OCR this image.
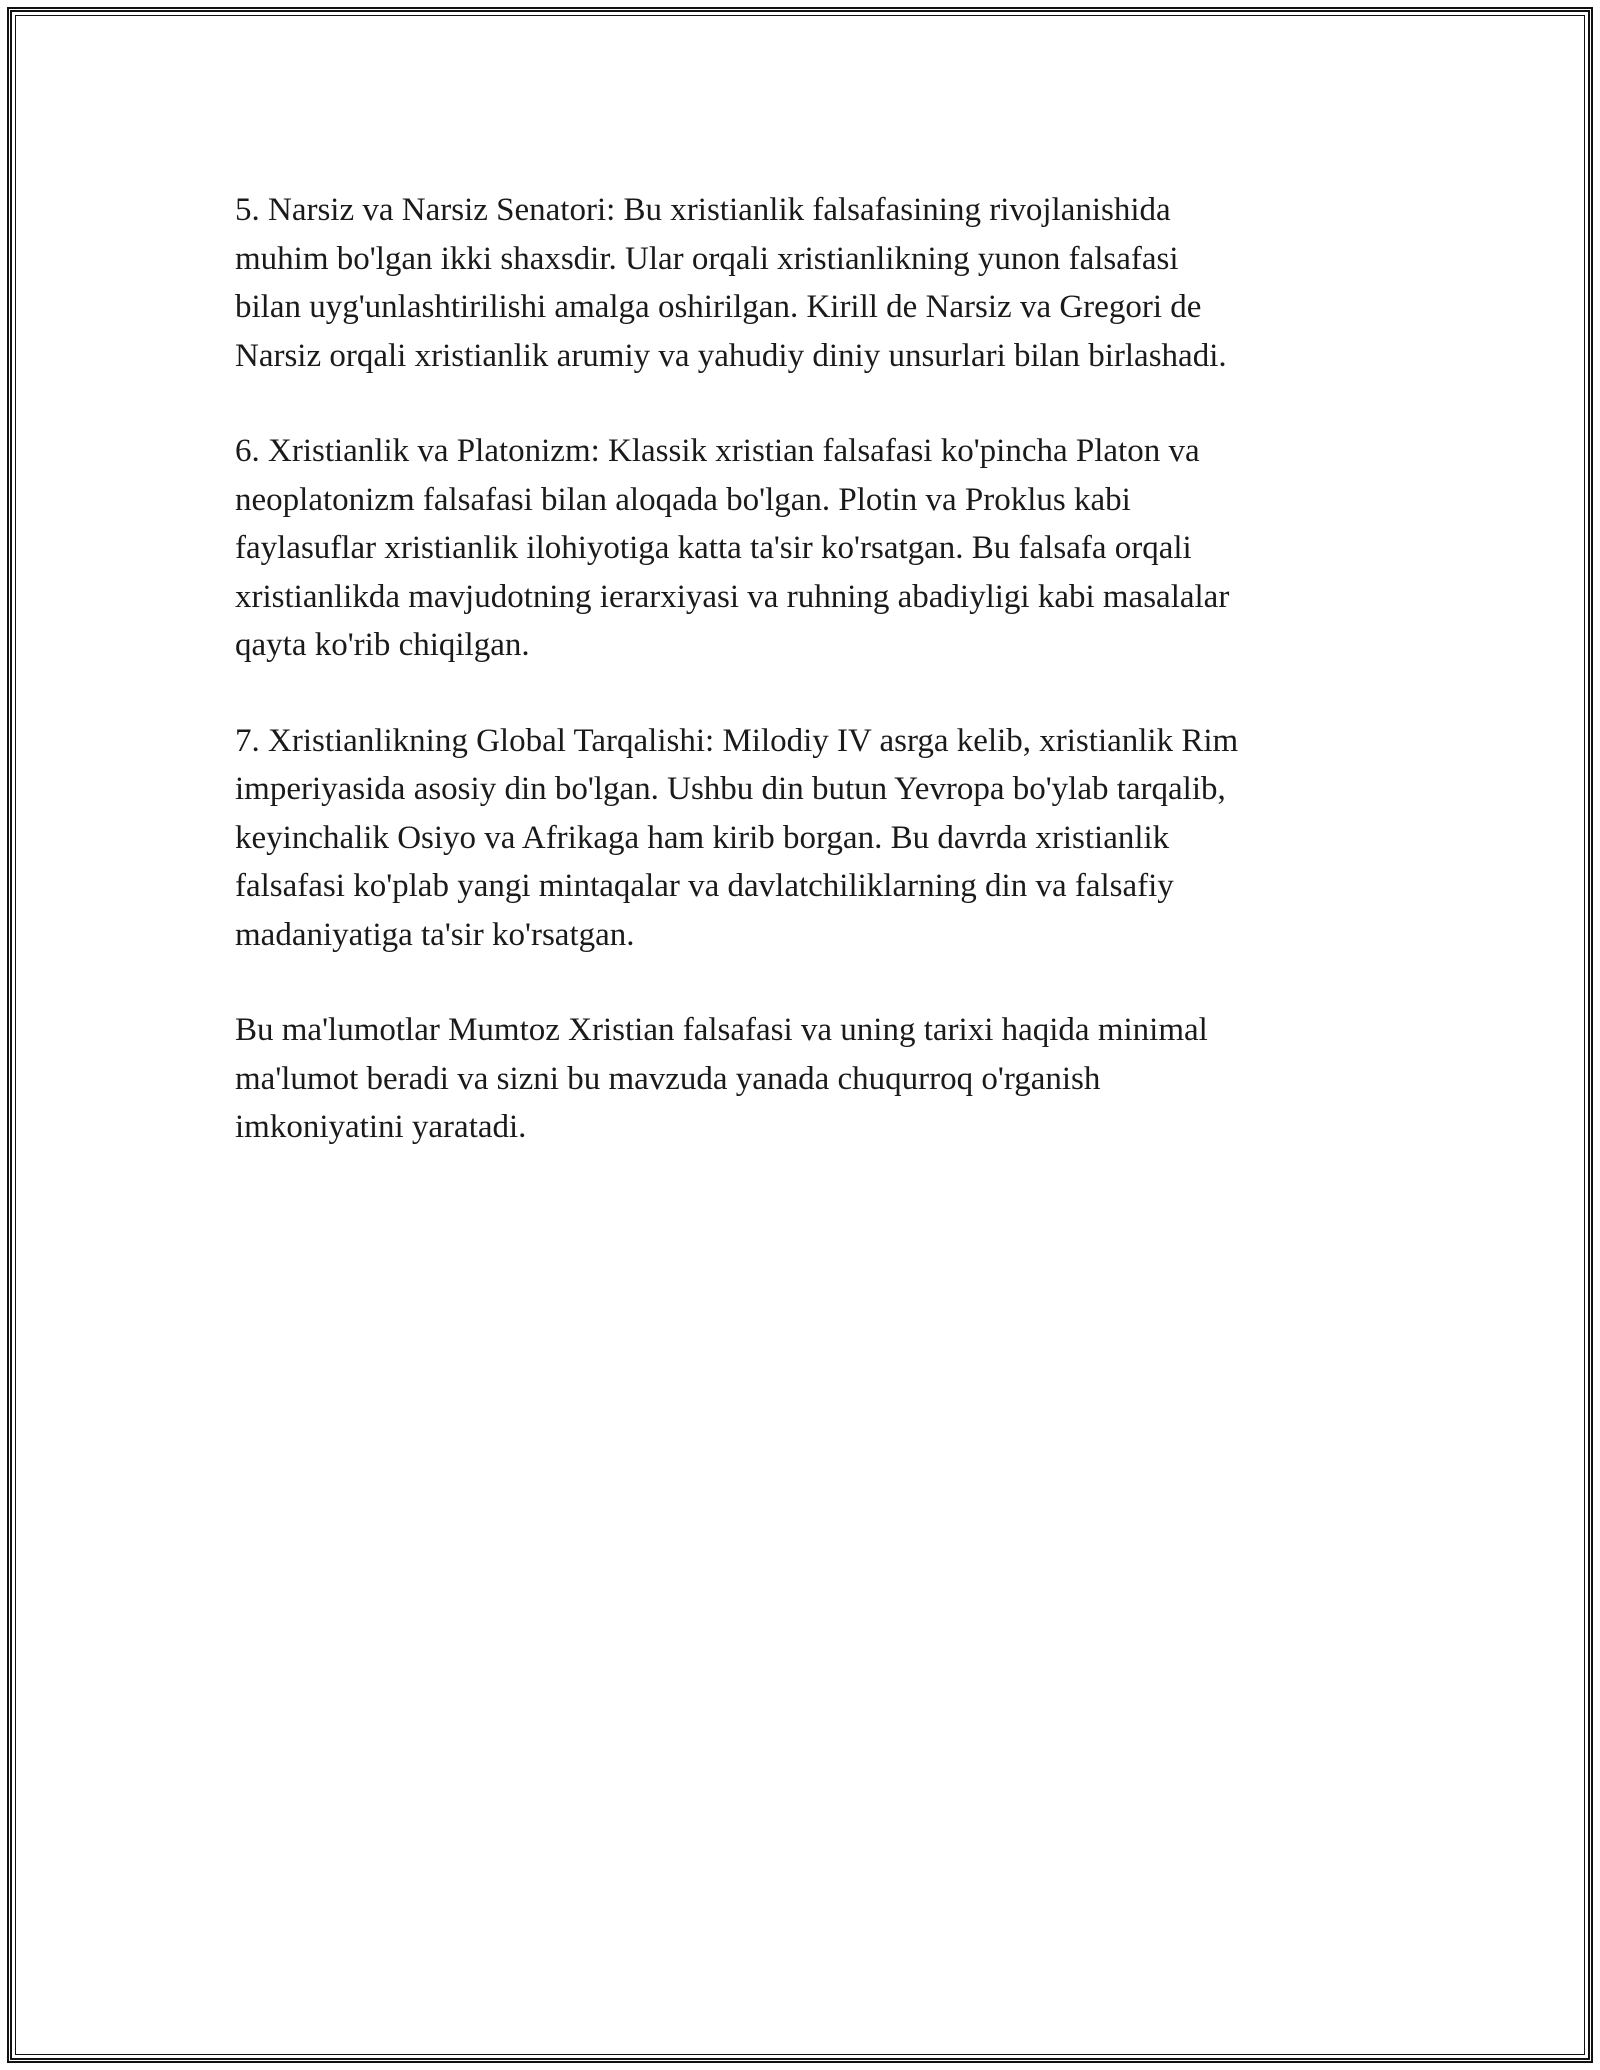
5. Narsiz va Narsiz Senatori: Bu xristianlik falsafasining rivojlanishida
muhim bo'lgan ikki shaxsdir. Ular orqali xristianlikning yunon falsafasi
bilan uyg'unlashtirilishi amalga oshirilgan. Kirill de Narsiz va Gregori de
Narsiz orqali xristianlik arumiy va yahudiy diniy unsurlari bilan birlashadi.

6. Xristianlik va Platonizm: Klassik xristian falsafasi ko'pincha Platon va
neoplatonizm falsafasi bilan aloqada bo'lgan. Plotin va Proklus kabi
faylasuflar xristianlik ilohiyotiga katta ta'sir ko'rsatgan. Bu falsafa orqali
xristianlikda mavjudotning ierarxiyasi va ruhning abadiyligi kabi masalalar
qayta ko'rib chiqilgan.

7. Xristianlikning Global Tarqalishi: Milodiy IV asrga kelib, xristianlik Rim
imperiyasida asosiy din bo'lgan. Ushbu din butun Yevropa bo'ylab tarqalib,
keyinchalik Osiyo va Afrikaga ham kirib borgan. Bu davrda xristianlik
falsafasi ko'plab yangi mintaqalar va davlatchiliklarning din va falsafiy
madaniyatiga ta'sir ko'rsatgan.

Bu ma'lumotlar Mumtoz Xristian falsafasi va uning tarixi haqida minimal
ma'lumot beradi va sizni bu mavzuda yanada chuqurroq o'rganish
imkoniyatini yaratadi.
